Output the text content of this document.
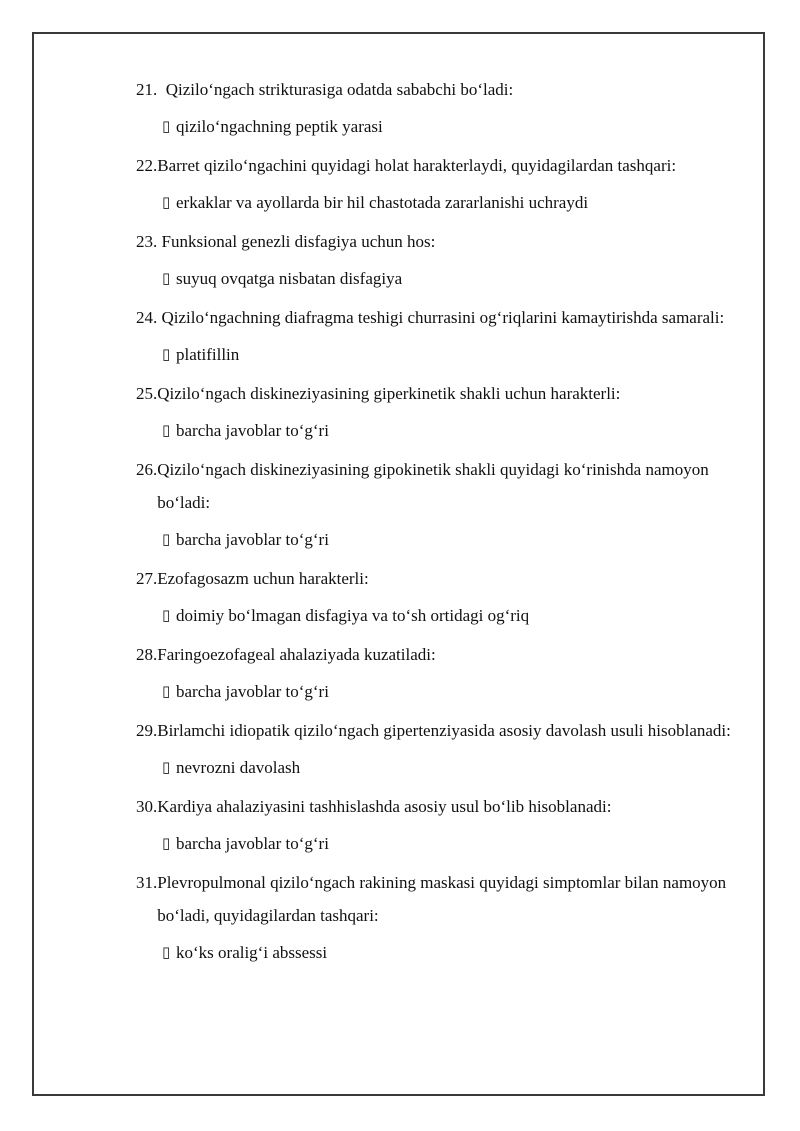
21. Qizilo‘ngach strikturasiga odatda sababchi bo‘ladi:
▯ qizilo‘ngachning peptik yarasi
22. Barret qizilo‘ngachini quyidagi holat harakterlaydi, quyidagilardan tashqari:
▯ erkaklar va ayollarda bir hil chastotada zararlanishi uchraydi
23. Funksional genezli disfagiya uchun hos:
▯ suyuq ovqatga nisbatan disfagiya
24. Qizilo‘ngachning diafragma teshigi churrasini og‘riqlarini kamaytirishda samarali:
▯ platifillin
25. Qizilo‘ngach diskineziyasining giperkinetik shakli uchun harakterli:
▯ barcha javoblar to‘g‘ri
26. Qizilo‘ngach diskineziyasining gipokinetik shakli quyidagi ko‘rinishda namoyon bo‘ladi:
▯ barcha javoblar to‘g‘ri
27. Ezofagosazm uchun harakterli:
▯ doimiy bo‘lmagan disfagiya va to‘sh ortidagi og‘riq
28. Faringoezofageal ahalaziyada kuzatiladi:
▯ barcha javoblar to‘g‘ri
29. Birlamchi idiopatik qizilo‘ngach gipertenziyasida asosiy davolash usuli hisoblanadi:
▯ nevrozni davolash
30. Kardiya ahalaziyasini tashhislashda asosiy usul bo‘lib hisoblanadi:
▯ barcha javoblar to‘g‘ri
31. Plevropulmonal qizilo‘ngach rakining maskasi quyidagi simptomlar bilan namoyon bo‘ladi, quyidagilardan tashqari:
▯ ko‘ks oralig‘i abssessi
